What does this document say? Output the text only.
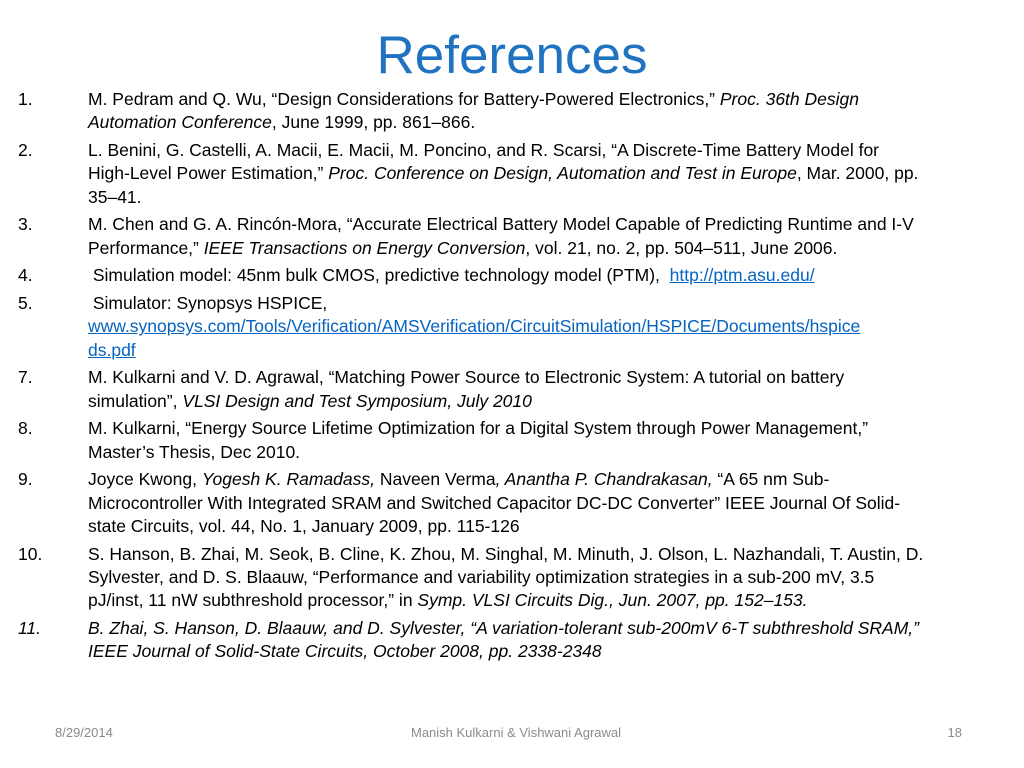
References
1.	M. Pedram and Q. Wu, “Design Considerations for Battery-Powered Electronics,” Proc. 36th Design
Automation Conference, June 1999, pp. 861–866.
2.	L. Benini, G. Castelli, A. Macii, E. Macii, M. Poncino, and R. Scarsi, “A Discrete-Time Battery Model for
High-Level Power Estimation,” Proc. Conference on Design, Automation and Test in Europe, Mar. 2000, pp.
35–41.
3.	M. Chen and G. A. Rincón-Mora, “Accurate Electrical Battery Model Capable of Predicting Runtime and I-V
Performance,” IEEE Transactions on Energy Conversion, vol. 21, no. 2, pp. 504–511, June 2006.
4.	Simulation model: 45nm bulk CMOS, predictive technology model (PTM),  http://ptm.asu.edu/
5.	Simulator: Synopsys HSPICE,
www.synopsys.com/Tools/Verification/AMSVerification/CircuitSimulation/HSPICE/Documents/hspice
ds.pdf
7.	M. Kulkarni and V. D. Agrawal, “Matching Power Source to Electronic System: A tutorial on battery
simulation”, VLSI Design and Test Symposium, July 2010
8.	M. Kulkarni, “Energy Source Lifetime Optimization for a Digital System through Power Management,”
Master’s Thesis, Dec 2010.
9.	Joyce Kwong, Yogesh K. Ramadass, Naveen Verma, Anantha P. Chandrakasan, “A 65 nm Sub-
Microcontroller With Integrated SRAM and Switched Capacitor DC-DC Converter” IEEE Journal Of Solid-
state Circuits, vol. 44, No. 1, January 2009, pp. 115-126
10.	S. Hanson, B. Zhai, M. Seok, B. Cline, K. Zhou, M. Singhal, M. Minuth, J. Olson, L. Nazhandali, T. Austin, D.
Sylvester, and D. S. Blaauw, “Performance and variability optimization strategies in a sub-200 mV, 3.5
pJ/inst, 11 nW subthreshold processor,” in Symp. VLSI Circuits Dig., Jun. 2007, pp. 152–153.
11.	B. Zhai, S. Hanson, D. Blaauw, and D. Sylvester, “A variation-tolerant sub-200mV 6-T subthreshold SRAM,”
IEEE Journal of Solid-State Circuits, October 2008, pp. 2338-2348
8/29/2014	Manish Kulkarni & Vishwani Agrawal	18
